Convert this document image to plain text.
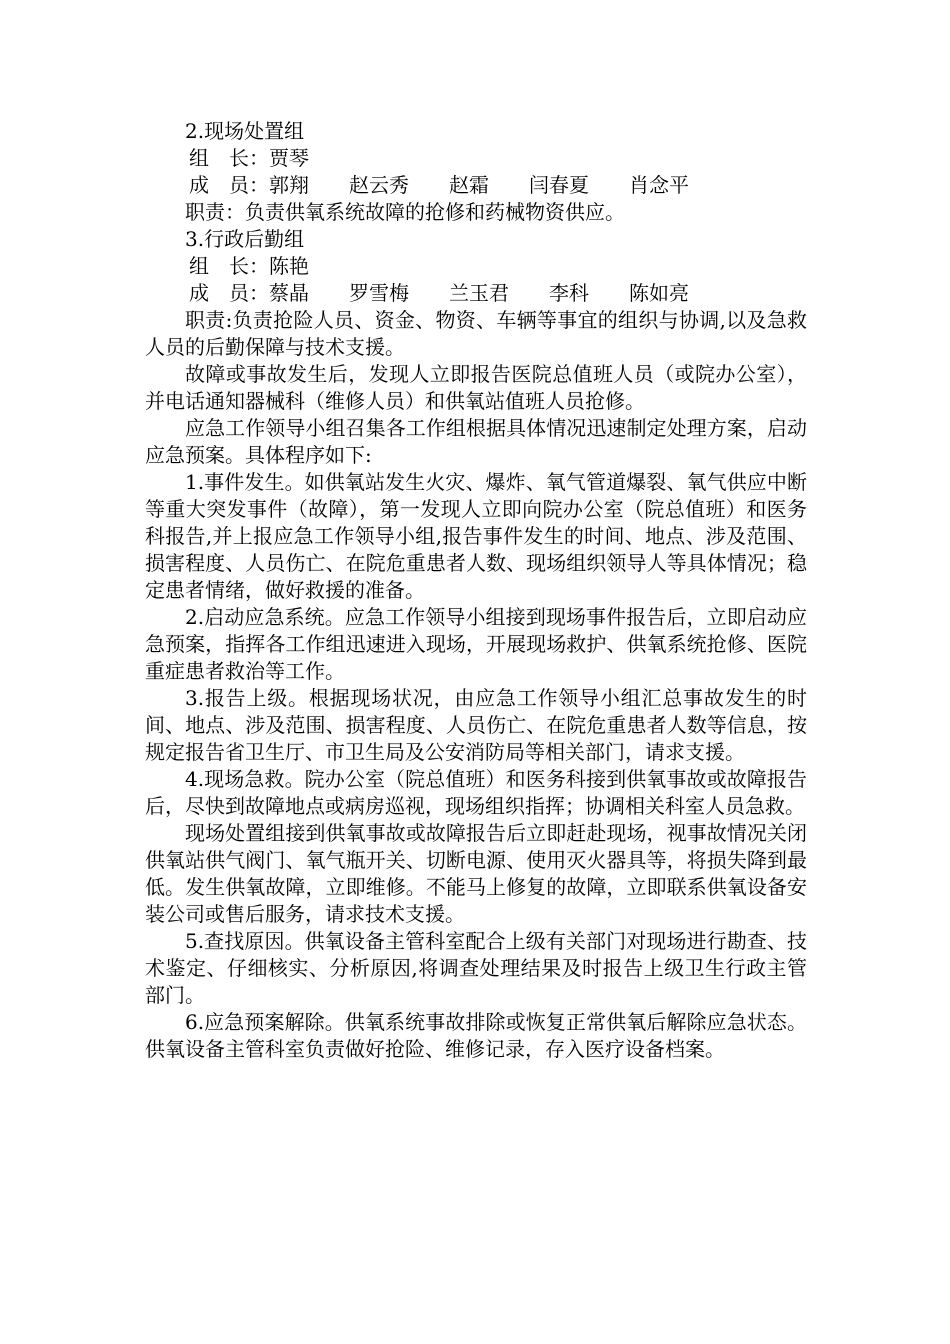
2.现场处置组
组　长：贾琴
成　员：郭翔　　赵云秀　　赵霜　　闫春夏　　肖念平
职责：负责供氧系统故障的抢修和药械物资供应。
3.行政后勤组
组　长：陈艳
成　员：蔡晶　　罗雪梅　　兰玉君　　李科　　陈如亮

职责:负责抢险人员、资金、物资、车辆等事宜的组织与协调,以及急救人员的后勤保障与技术支援。

故障或事故发生后，发现人立即报告医院总值班人员（或院办公室），并电话通知器械科（维修人员）和供氧站值班人员抢修。

应急工作领导小组召集各工作组根据具体情况迅速制定处理方案，启动应急预案。具体程序如下:

1.事件发生。如供氧站发生火灾、爆炸、氧气管道爆裂、氧气供应中断等重大突发事件（故障），第一发现人立即向院办公室（院总值班）和医务科报告,并上报应急工作领导小组,报告事件发生的时间、地点、涉及范围、损害程度、人员伤亡、在院危重患者人数、现场组织领导人等具体情况；稳定患者情绪，做好救援的准备。

2.启动应急系统。应急工作领导小组接到现场事件报告后，立即启动应急预案，指挥各工作组迅速进入现场，开展现场救护、供氧系统抢修、医院重症患者救治等工作。

3.报告上级。根据现场状况，由应急工作领导小组汇总事故发生的时间、地点、涉及范围、损害程度、人员伤亡、在院危重患者人数等信息，按规定报告省卫生厅、市卫生局及公安消防局等相关部门，请求支援。

4.现场急救。院办公室（院总值班）和医务科接到供氧事故或故障报告后，尽快到故障地点或病房巡视，现场组织指挥；协调相关科室人员急救。

现场处置组接到供氧事故或故障报告后立即赶赴现场，视事故情况关闭供氧站供气阀门、氧气瓶开关、切断电源、使用灭火器具等，将损失降到最低。发生供氧故障，立即维修。不能马上修复的故障，立即联系供氧设备安装公司或售后服务，请求技术支援。

5.查找原因。供氧设备主管科室配合上级有关部门对现场进行勘查、技术鉴定、仔细核实、分析原因,将调查处理结果及时报告上级卫生行政主管部门。

6.应急预案解除。供氧系统事故排除或恢复正常供氧后解除应急状态。供氧设备主管科室负责做好抢险、维修记录，存入医疗设备档案。
